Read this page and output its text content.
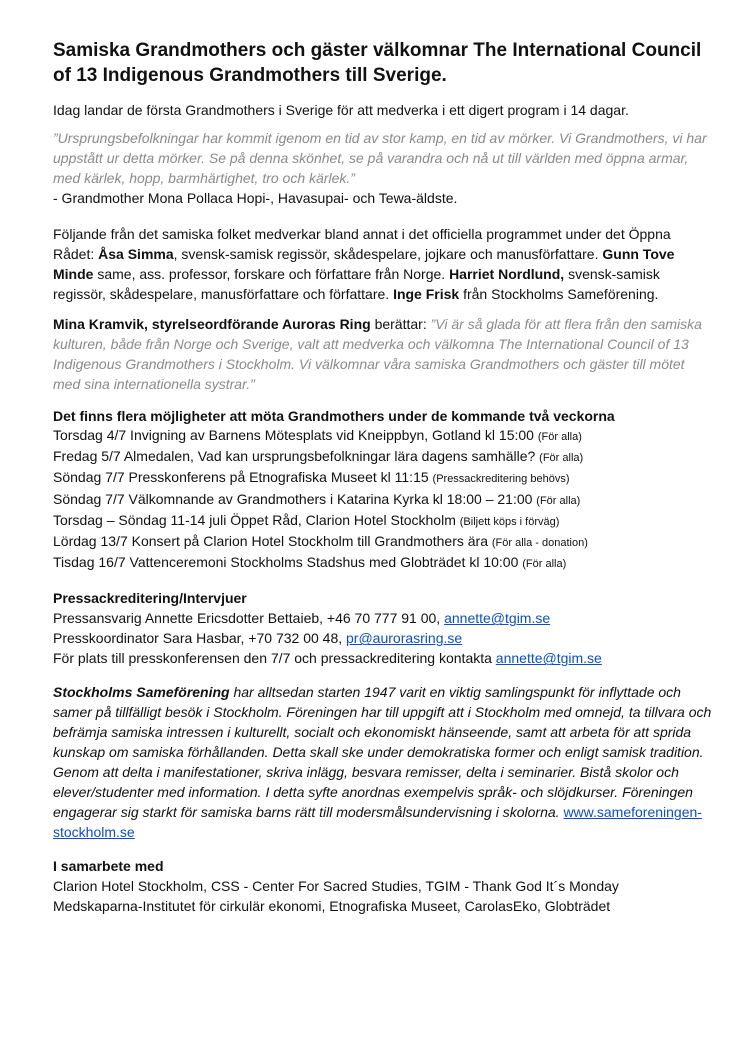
Samiska Grandmothers och gäster välkomnar The International Council of 13 Indigenous Grandmothers till Sverige.

Idag landar de första Grandmothers i Sverige för att medverka i ett digert program i 14 dagar.

”Ursprungsbefolkningar har kommit igenom en tid av stor kamp, en tid av mörker. Vi Grandmothers, vi har uppstått ur detta mörker. Se på denna skönhet, se på varandra och nå ut till världen med öppna armar, med kärlek, hopp, barmhärtighet, tro och kärlek.”

- Grandmother Mona Pollaca Hopi-, Havasupai- och Tewa-äldste.

Följande från det samiska folket medverkar bland annat i det officiella programmet under det Öppna Rådet: Åsa Simma, svensk-samisk regissör, skådespelare, jojkare och manusförfattare. Gunn Tove Minde same, ass. professor, forskare och författare från Norge. Harriet Nordlund, svensk-samisk regissör, skådespelare, manusförfattare och författare. Inge Frisk från Stockholms Sameförening.

Mina Kramvik, styrelseordförande Auroras Ring berättar: ”Vi är så glada för att flera från den samiska kulturen, både från Norge och Sverige, valt att medverka och välkomna The International Council of 13 Indigenous Grandmothers i Stockholm. Vi välkomnar våra samiska Grandmothers och gäster till mötet med sina internationella systrar.”

Det finns flera möjligheter att möta Grandmothers under de kommande två veckorna

Torsdag 4/7 Invigning av Barnens Mötesplats vid Kneippbyn, Gotland kl 15:00 (För alla)
Fredag 5/7 Almedalen, Vad kan ursprungsbefolkningar lära dagens samhälle? (För alla)
Söndag 7/7 Presskonferens på Etnografiska Museet kl 11:15 (Pressackreditering behövs)
Söndag 7/7 Välkomnande av Grandmothers i Katarina Kyrka kl 18:00 – 21:00 (För alla)
Torsdag – Söndag 11-14 juli Öppet Råd, Clarion Hotel Stockholm (Biljett köps i förväg)
Lördag 13/7 Konsert på Clarion Hotel Stockholm till Grandmothers ära (För alla - donation)
Tisdag 16/7 Vattenceremoni Stockholms Stadshus med Globträdet kl 10:00 (För alla)

Pressackreditering/Intervjuer

Pressansvarig Annette Ericsdotter Bettaieb, +46 70 777 91 00, annette@tgim.se

Presskoordinator Sara Hasbar, +70 732 00 48, pr@aurorasring.se

För plats till presskonferensen den 7/7 och pressackreditering kontakta annette@tgim.se

Stockholms Sameförening har alltsedan starten 1947 varit en viktig samlingspunkt för inflyttade och samer på tillfälligt besök i Stockholm. Föreningen har till uppgift att i Stockholm med omnejd, ta tillvara och befrämja samiska intressen i kulturellt, socialt och ekonomiskt hänseende, samt att arbeta för att sprida kunskap om samiska förhållanden. Detta skall ske under demokratiska former och enligt samisk tradition. Genom att delta i manifestationer, skriva inlägg, besvara remisser, delta i seminarier. Bistå skolor och elever/studenter med information. I detta syfte anordnas exempelvis språk- och slöjdkurser. Föreningen engagerar sig starkt för samiska barns rätt till modersmålsundervisning i skolorna. www.sameforeningen-stockholm.se

I samarbete med

Clarion Hotel Stockholm, CSS - Center For Sacred Studies, TGIM - Thank God It´s Monday

Medskaparna-Institutet för cirkulär ekonomi, Etnografiska Museet, CarolasEko, Globträdet
